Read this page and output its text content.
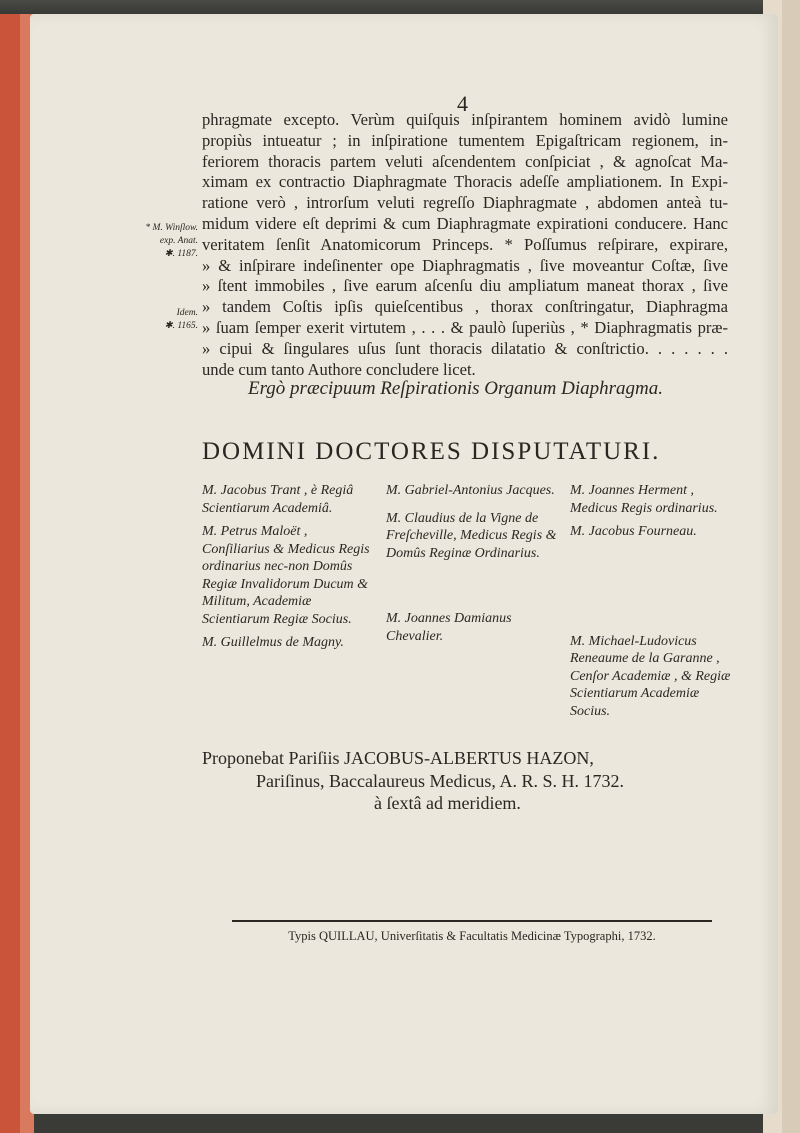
4
phragmate excepto. Verùm quiſquis inſpirantem hominem avidò lumine
propiùs intueatur ; in inſpiratione tumentem Epigaſtricam regionem, in-
feriorem thoracis partem veluti aſcendentem conſpiciat , & agnoſcat Ma-
ximam ex contractio Diaphragmate Thoracis adeſſe ampliationem. In Expi-
ratione verò , introrſum veluti regreſſo Diaphragmate , abdomen anteà tu-
midum videre eſt deprimi & cum Diaphragmate expirationi conducere. Hanc
veritatem ſenſit Anatomicorum Princeps. * Poſſumus reſpirare, expirare,
» & inſpirare indeſinenter ope Diaphragmatis , ſive moveantur Coſtæ, ſive
» ſtent immobiles , ſive earum aſcenſu diu ampliatum maneat thorax , ſive
» tandem Coſtis ipſis quieſcentibus , thorax conſtringatur, Diaphragma
» ſuam ſemper exerit virtutem , . . . & paulò ſuperiùs , * Diaphragmatis præ-
» cipui & ſingulares uſus ſunt thoracis dilatatio & conſtrictio. . . . . . .
unde cum tanto Authore concludere licet.
* M. Winſlow.
exp. Anat.
✱. 1187.
Idem.
✱. 1165.
Ergò præcipuum Reſpirationis Organum Diaphragma.
DOMINI DOCTORES DISPUTATURI.
M. Jacobus Trant , è Regiâ Scientiarum Academiâ.
M. Petrus Maloët , Conſiliarius & Medicus Regis ordinarius nec-non Domûs Regiæ Invalidorum Ducum & Militum, Academiæ Scientiarum Regiæ Socius.
M. Guillelmus de Magny.
M. Gabriel-Antonius Jacques.
M. Claudius de la Vigne de Freſcheville, Medicus Regis & Domûs Reginæ Ordinarius.
M. Joannes Damianus Chevalier.
M. Joannes Herment , Medicus Regis ordinarius.
M. Jacobus Fourneau.
M. Michael-Ludovicus Reneaume de la Garanne , Cenſor Academiæ , & Regiæ Scientiarum Academiæ Socius.
Proponebat Pariſiis JACOBUS-ALBERTUS HAZON,
Pariſinus, Baccalaureus Medicus, A. R. S. H. 1732.
à ſextâ ad meridiem.
Typis QUILLAU, Univerſitatis & Facultatis Medicinæ Typographi, 1732.
